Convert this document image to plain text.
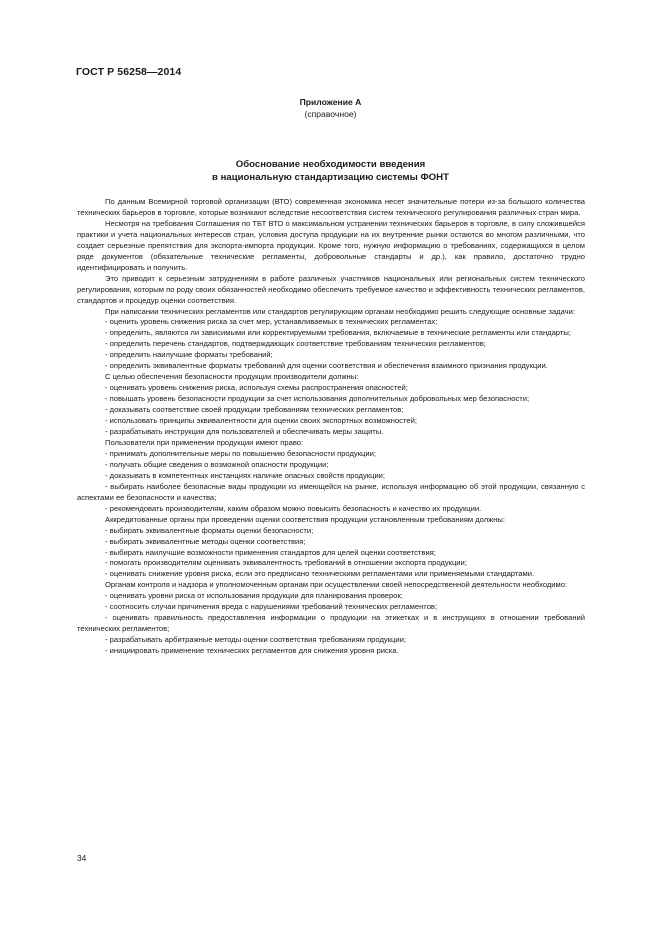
ГОСТ Р 56258—2014
Приложение А
(справочное)
Обоснование необходимости введения
в национальную стандартизацию системы ФОНТ

По данным Всемирной торговой организации (ВТО) современная экономика несет значительные потери из-за большого количества технических барьеров в торговле, которые возникают вследствие несоответствия систем технического регулирования различных стран мира.

Несмотря на требования Соглашения по ТБТ ВТО о максимальном устранении технических барьеров в торговле, в силу сложившейся практики и учета национальных интересов стран, условия доступа продукции на их внутренние рынки остаются во многом различными, что создает серьезные препятствия для экспорта-импорта продукции. Кроме того, нужную информацию о требованиях, содержащихся в целом ряде документов (обязательные технические регламенты, добровольные стандарты и др.), как правило, достаточно трудно идентифицировать и получить.

Это приводит к серьезным затруднениям в работе различных участников национальных или региональных систем технического регулирования, которым по роду своих обязанностей необходимо обеспечить требуемое качество и эффективность технических регламентов, стандартов и процедур оценки соответствия.

При написании технических регламентов или стандартов регулирующим органам необходимо решить следующие основные задачи:

- оценить уровень снижения риска за счет мер, устанавливаемых в технических регламентах;

- определить, являются ли зависимыми или корректируемыми требования, включаемые в технические регламенты или стандарты;

- определить перечень стандартов, подтверждающих соответствие требованиям технических регламентов;

- определить наилучшие форматы требований;

- определить эквивалентные форматы требований для оценки соответствия и обеспечения взаимного признания продукции.

С целью обеспечения безопасности продукции производители должны:

- оценивать уровень снижения риска, используя схемы распространения опасностей;

- повышать уровень безопасности продукции за счет использования дополнительных добровольных мер безопасности;

- доказывать соответствие своей продукции требованиям технических регламентов;

- использовать принципы эквивалентности для оценки своих экспортных возможностей;

- разрабатывать инструкции для пользователей и обеспечивать меры защиты.

Пользователи при применении продукции имеют право:

- принимать дополнительные меры по повышению безопасности продукции;

- получать общие сведения о возможной опасности продукции;

- доказывать в компетентных инстанциях наличие опасных свойств продукции;

- выбирать наиболее безопасные виды продукции из имеющейся на рынке, используя информацию об этой продукции, связанную с аспектами ее безопасности и качества;

- рекомендовать производителям, каким образом можно повысить безопасность и качество их продукции.

Аккредитованные органы при проведении оценки соответствия продукции установленным требованиям должны:

- выбирать эквивалентные форматы оценки безопасности;

- выбирать эквивалентные методы оценки соответствия;

- выбирать наилучшие возможности применения стандартов для целей оценки соответствия;

- помогать производителям оценивать эквивалентность требований в отношении экспорта продукции;

- оценивать снижение уровня риска, если это предписано техническими регламентами или применяемыми стандартами.

Органам контроля и надзора и уполномоченным органам при осуществлении своей непосредственной деятельности необходимо:

- оценивать уровни риска от использования продукции для планирования проверок;

- соотносить случаи причинения вреда с нарушениями требований технических регламентов;

- оценивать правильность предоставления информации о продукции на этикетках и в инструкциях в отношении требований технических регламентов;

- разрабатывать арбитражные методы оценки соответствия требованиям продукции;

- инициировать применение технических регламентов для снижения уровня риска.

34
